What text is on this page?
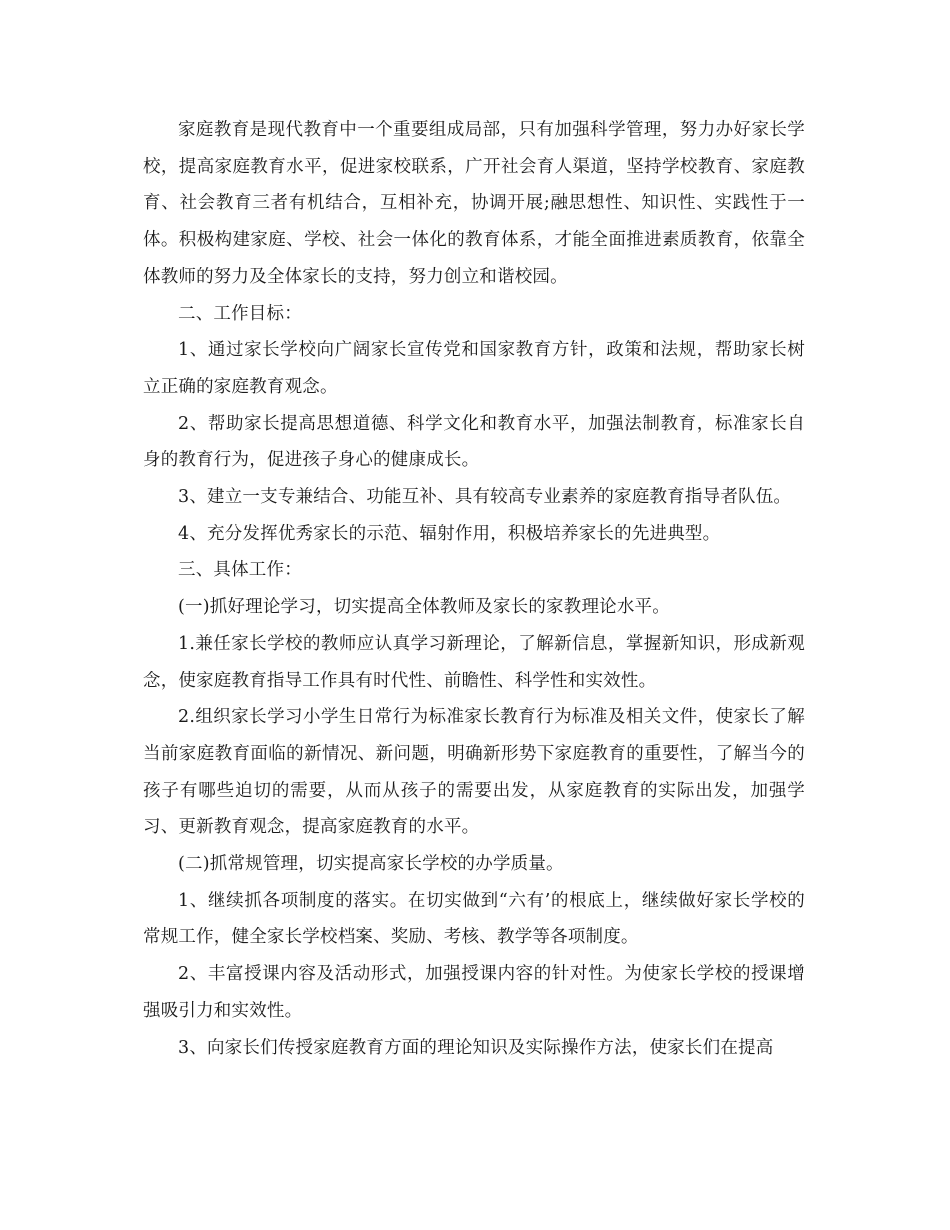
家庭教育是现代教育中一个重要组成局部，只有加强科学管理，努力办好家长学校，提高家庭教育水平，促进家校联系，广开社会育人渠道，坚持学校教育、家庭教育、社会教育三者有机结合，互相补充，协调开展;融思想性、知识性、实践性于一体。积极构建家庭、学校、社会一体化的教育体系，才能全面推进素质教育，依靠全体教师的努力及全体家长的支持，努力创立和谐校园。

二、工作目标：

1、通过家长学校向广阔家长宣传党和国家教育方针，政策和法规，帮助家长树立正确的家庭教育观念。

2、帮助家长提高思想道德、科学文化和教育水平，加强法制教育，标准家长自身的教育行为，促进孩子身心的健康成长。

3、建立一支专兼结合、功能互补、具有较高专业素养的家庭教育指导者队伍。

4、充分发挥优秀家长的示范、辐射作用，积极培养家长的先进典型。

三、具体工作：

(一)抓好理论学习，切实提高全体教师及家长的家教理论水平。

1.兼任家长学校的教师应认真学习新理论，了解新信息，掌握新知识，形成新观念，使家庭教育指导工作具有时代性、前瞻性、科学性和实效性。

2.组织家长学习小学生日常行为标准家长教育行为标准及相关文件，使家长了解当前家庭教育面临的新情况、新问题，明确新形势下家庭教育的重要性，了解当今的孩子有哪些迫切的需要，从而从孩子的需要出发，从家庭教育的实际出发，加强学习、更新教育观念，提高家庭教育的水平。

(二)抓常规管理，切实提高家长学校的办学质量。

1、继续抓各项制度的落实。在切实做到“六有’的根底上，继续做好家长学校的常规工作，健全家长学校档案、奖励、考核、教学等各项制度。

2、丰富授课内容及活动形式，加强授课内容的针对性。为使家长学校的授课增强吸引力和实效性。

3、向家长们传授家庭教育方面的理论知识及实际操作方法，使家长们在提高
